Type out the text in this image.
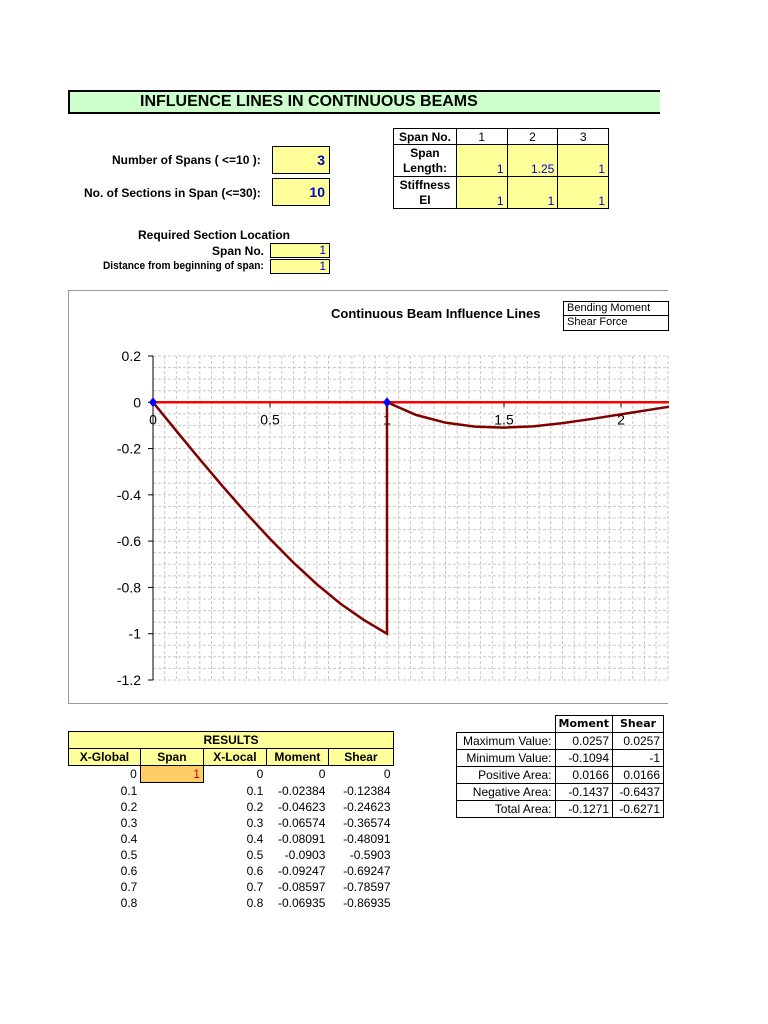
INFLUENCE LINES IN CONTINUOUS BEAMS
Number of Spans ( <=10 ):	3
No. of Sections in Span (<=30):	10
Span No.	1	2	3
Span
Length:	1	1.25	1
Stiffness
EI	1	1	1
Required Section Location
Span No.	1
Distance from beginning of span:	1
0.2
0
-0.2
-0.4
-0.6
-0.8
-1
-1.2
0	0.5	1	1.5	2
Continuous Beam Influence Lines	Bending Moment
Shear Force
RESULTS				
X-Global	Span	X-Local	Moment	Shear
0	1	0	0	0
0.1		0.1	-0.02384	-0.12384
0.2		0.2	-0.04623	-0.24623
0.3		0.3	-0.06574	-0.36574
0.4		0.4	-0.08091	-0.48091
0.5		0.5	-0.0903	-0.5903
0.6		0.6	-0.09247	-0.69247
0.7		0.7	-0.08597	-0.78597
0.8		0.8	-0.06935	-0.86935
	Moment	Shear
Maximum Value:	0.0257	0.0257
Minimum Value:	-0.1094	-1
Positive Area:	0.0166	0.0166
Negative Area:	-0.1437	-0.6437
Total Area:	-0.1271	-0.6271
